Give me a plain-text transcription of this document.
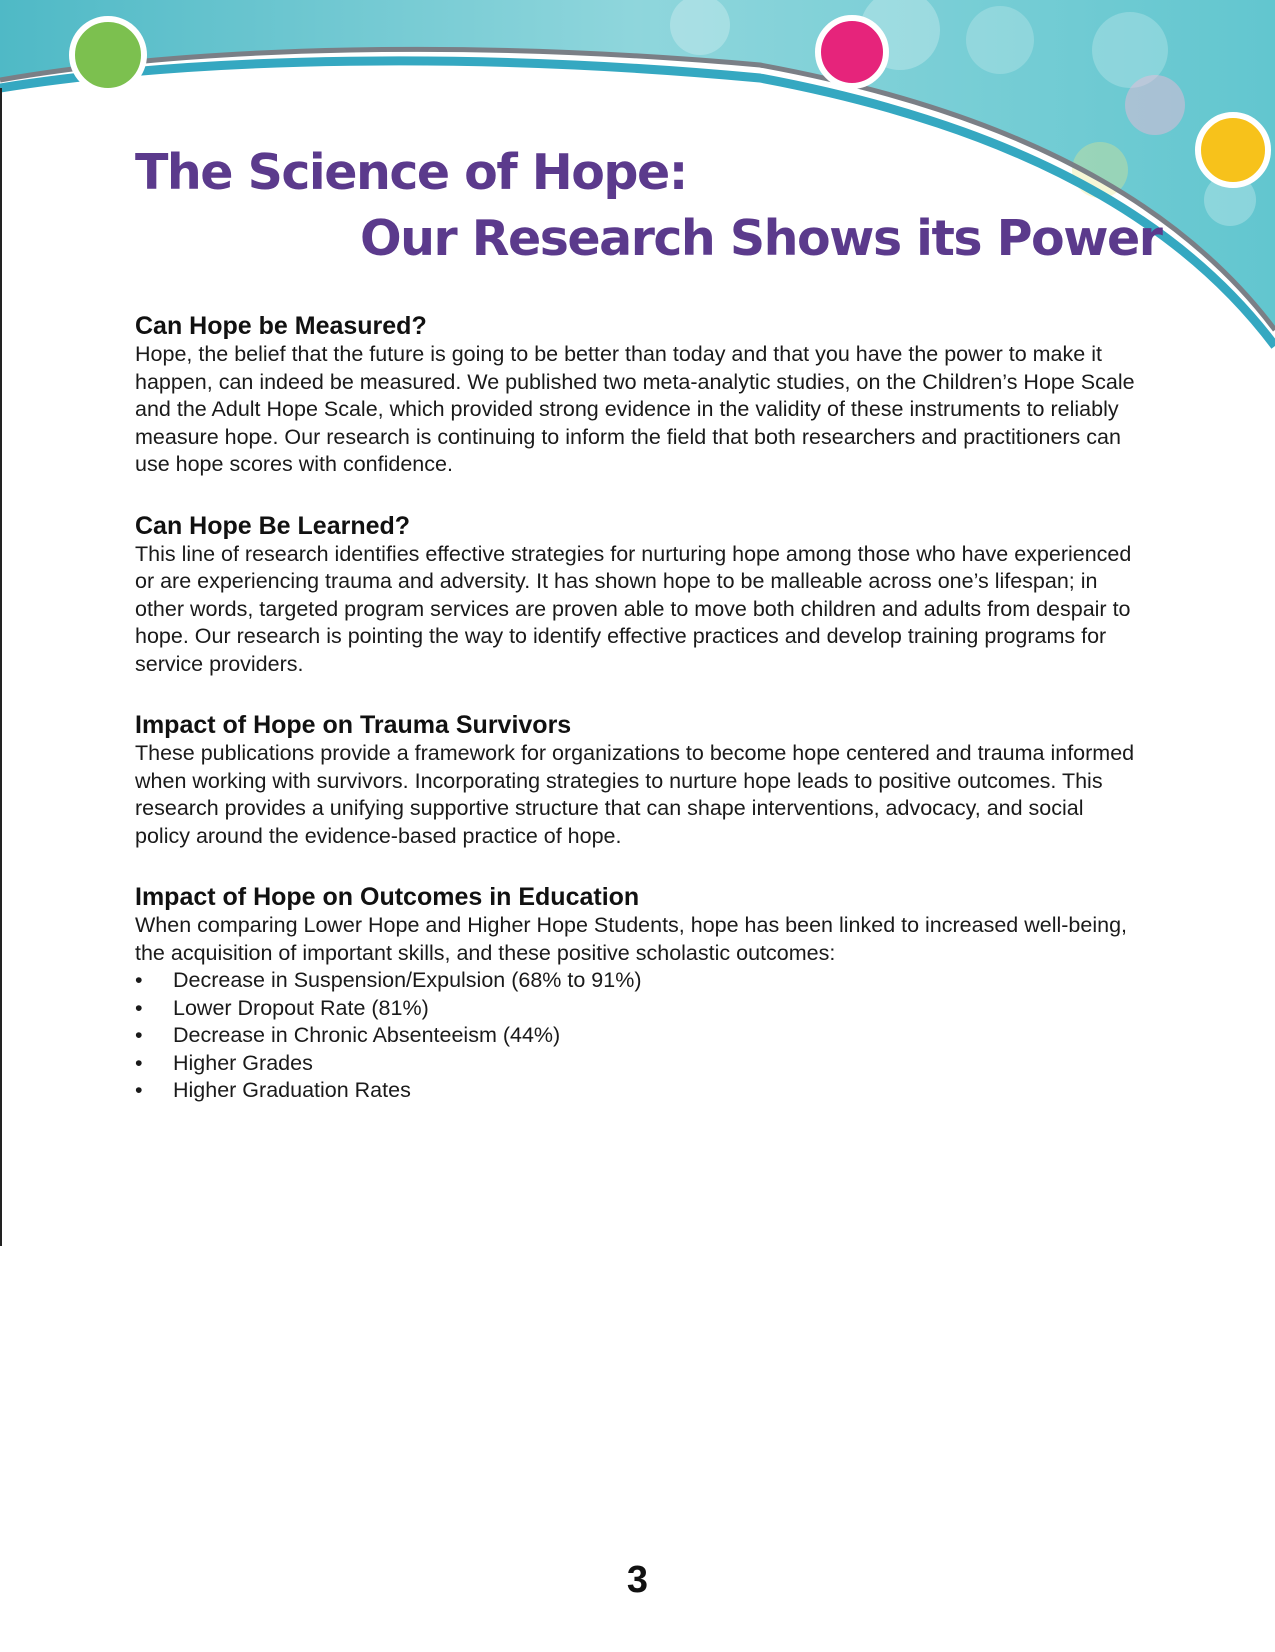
The Science of Hope:
Our Research Shows its Power
Can Hope be Measured?

Hope, the belief that the future is going to be better than today and that you have the power to make it happen, can indeed be measured. We published two meta-analytic studies, on the Children’s Hope Scale and the Adult Hope Scale, which provided strong evidence in the validity of these instruments to reliably measure hope. Our research is continuing to inform the field that both researchers and practitioners can use hope scores with confidence.

Can Hope Be Learned?

This line of research identifies effective strategies for nurturing hope among those who have experienced or are experiencing trauma and adversity. It has shown hope to be malleable across one’s lifespan; in other words, targeted program services are proven able to move both children and adults from despair to hope. Our research is pointing the way to identify effective practices and develop training programs for service providers.

Impact of Hope on Trauma Survivors

These publications provide a framework for organizations to become hope centered and trauma informed when working with survivors. Incorporating strategies to nurture hope leads to positive outcomes. This research provides a unifying supportive structure that can shape interventions, advocacy, and social policy around the evidence-based practice of hope.

Impact of Hope on Outcomes in Education

When comparing Lower Hope and Higher Hope Students, hope has been linked to increased well-being, the acquisition of important skills, and these positive scholastic outcomes:

• Decrease in Suspension/Expulsion (68% to 91%)
• Lower Dropout Rate (81%)
• Decrease in Chronic Absenteeism (44%)
• Higher Grades
• Higher Graduation Rates
3
